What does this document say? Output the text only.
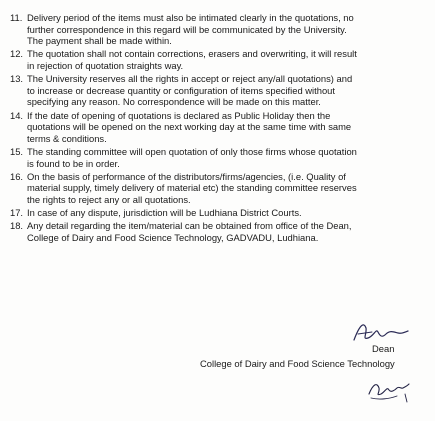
11. Delivery period of the items must also be intimated clearly in the quotations, no
further correspondence in this regard will be communicated by the University.
The payment shall be made within.
12. The quotation shall not contain corrections, erasers and overwriting, it will result
in rejection of quotation straights way.
13. The University reserves all the rights in accept or reject any/all quotations) and
to increase or decrease quantity or configuration of items specified without
specifying any reason. No correspondence will be made on this matter.
14. If the date of opening of quotations is declared as Public Holiday then the
quotations will be opened on the next working day at the same time with same
terms & conditions.
15. The standing committee will open quotation of only those firms whose quotation
is found to be in order.
16. On the basis of performance of the distributors/firms/agencies, (i.e. Quality of
material supply, timely delivery of material etc) the standing committee reserves
the rights to reject any or all quotations.
17. In case of any dispute, jurisdiction will be Ludhiana District Courts.
18. Any detail regarding the item/material can be obtained from office of the Dean,
College of Dairy and Food Science Technology, GADVADU, Ludhiana.
Dean
College of Dairy and Food Science Technology
